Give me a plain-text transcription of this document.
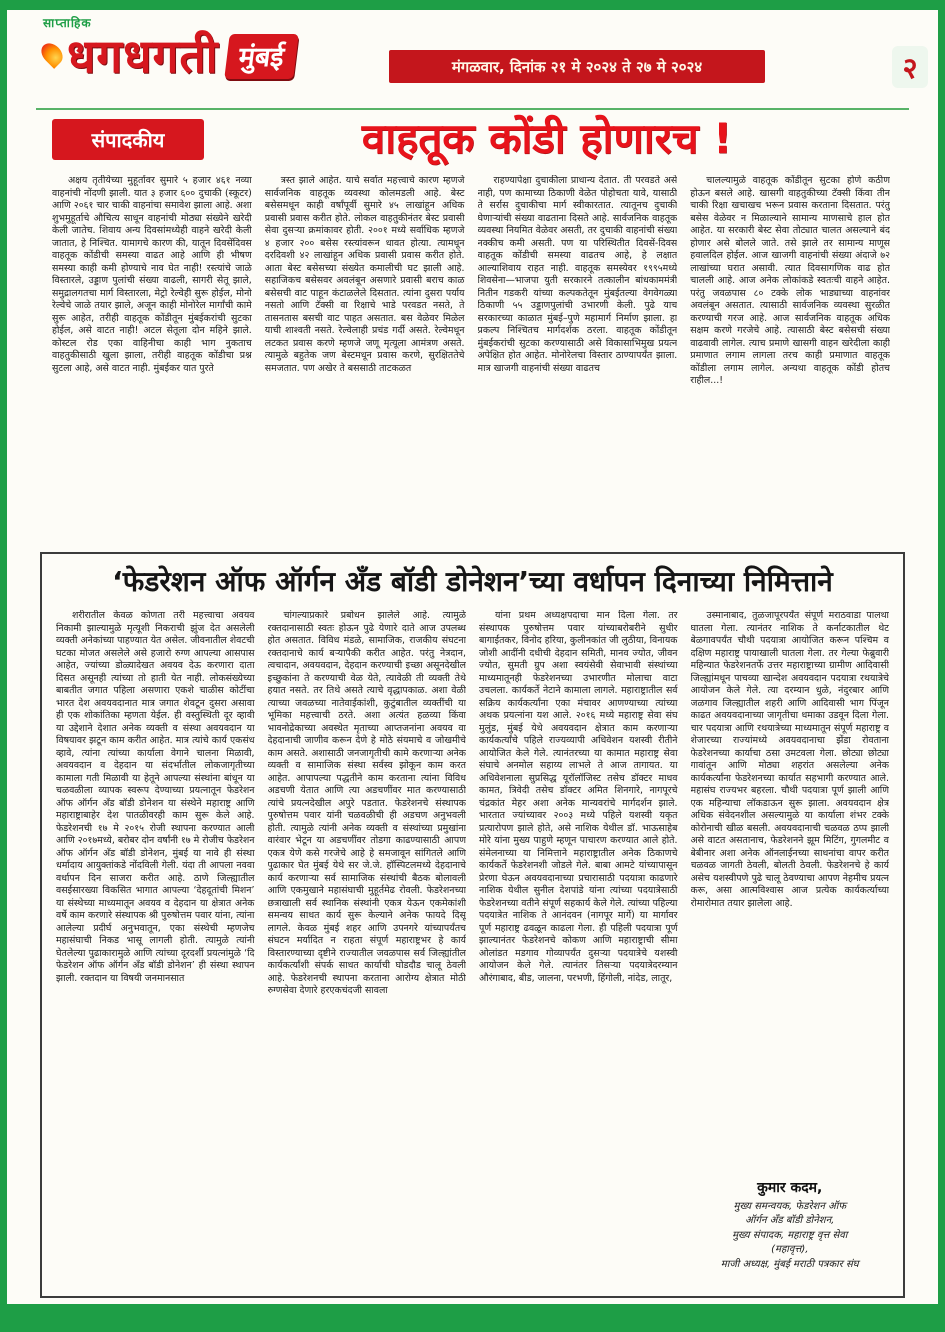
साप्ताहिक
धगधगती मुंबई	मंगळवार, दिनांक २१ मे २०२४ ते २७ मे २०२४	२
संपादकीय	वाहतूक कोंडी होणारच !

अक्षय तृतीयेच्या मुहूर्तावर सुमारे ५ हजार ४६१ नव्या वाहनांची नोंदणी झाली. यात ३ हजार ६०० दुचाकी (स्कूटर) आणि २०६१ चार चाकी वाहनांचा समावेश झाला आहे. अशा शुभमुहूर्ताचे औचित्य साधून वाहनांची मोठ्या संख्येने खरेदी केली जातेच. शिवाय अन्य दिवसांमध्येही वाहने खरेदी केली जातात, हे निश्चित. यामागचे कारण की, यातून दिवसेंदिवस वाहतूक कोंडीची समस्या वाढत आहे आणि ही भीषण समस्या काही कमी होण्याचे नाव घेत नाही! रस्त्यांचे जाळे विस्तारले, उड्डाण पुलांची संख्या वाढली, सागरी सेतू झाले, समुद्रालगतचा मार्ग विस्तारला, मेट्रो रेल्वेही सुरू होईल, मोनो रेल्वेचे जाळे तयार झाले, अजून काही मोनोरेल मार्गांची कामे सुरू आहेत, तरीही वाहतूक कोंडीतून मुंबईकरांची सुटका होईल, असे वाटत नाही! अटल सेतूला दोन महिने झाले. कोस्टल रोड एका वाहिनीचा काही भाग नुकताच वाहतुकीसाठी खुला झाला, तरीही वाहतूक कोंडीचा प्रश्न सुटला आहे, असे वाटत नाही. मुंबईकर यात पुरते

त्रस्त झाले आहेत. याचे सर्वात महत्त्वाचे कारण म्हणजे सार्वजनिक वाहतूक व्यवस्था कोलमडली आहे. बेस्ट बसेसमधून काही वर्षांपूर्वी सुमारे ४५ लाखांहून अधिक प्रवासी प्रवास करीत होते. लोकल वाहतुकीनंतर बेस्ट प्रवासी सेवा दुसऱ्या क्रमांकावर होती. २००१ मध्ये सर्वाधिक म्हणजे ४ हजार २०० बसेस रस्त्यांवरून धावत होत्या. त्यामधून दरदिवशी ४२ लाखांहून अधिक प्रवासी प्रवास करीत होते. आता बेस्ट बसेसच्या संख्येत कमालीची घट झाली आहे. सहाजिकच बसेसवर अवलंबून असणारे प्रवासी बराच काळ बसेसची वाट पाहून कंटाळलेले दिसतात. त्यांना दुसरा पर्याय नसतो आणि टॅक्सी वा रिक्षाचे भाडे परवडत नसते, ते तासनतास बसची वाट पाहत असतात. बस वेळेवर मिळेल याची शाश्वती नसते. रेल्वेलाही प्रचंड गर्दी असते. रेल्वेमधून लटकत प्रवास करणे म्हणजे जणू मृत्यूला आमंत्रण असते. त्यामुळे बहुतेक जण बेस्टमधून प्रवास करणे, सुरक्षिततेचे समजतात. पण अखेर ते बससाठी ताटकळत

राहण्यापेक्षा दुचाकीला प्राधान्य देतात. ती परवडते असे नाही, पण कामाच्या ठिकाणी वेळेत पोहोचता यावे, यासाठी ते सर्रास दुचाकीचा मार्ग स्वीकारतात. त्यातूनच दुचाकी घेणाऱ्यांची संख्या वाढताना दिसते आहे. सार्वजनिक वाहतूक व्यवस्था नियमित वेळेवर असती, तर दुचाकी वाहनांची संख्या नक्कीच कमी असती. पण या परिस्थितीत दिवसें-दिवस वाहतूक कोंडीची समस्या वाढतच आहे, हे लक्षात आल्याशिवाय राहत नाही. वाहतूक समस्येवर १९९५मध्ये शिवसेना—भाजपा युती सरकारने तत्कालीन बांधकाममंत्री नितीन गडकरी यांच्या कल्पकतेतून मुंबईतल्या वेगवेगळ्या ठिकाणी ५५ उड्डाणपुलांची उभारणी केली. पुढे याच सरकारच्या काळात मुंबई–पुणे महामार्ग निर्माण झाला. हा प्रकल्प निश्चितच मार्गदर्शक ठरला. वाहतूक कोंडीतून मुंबईकरांची सुटका करण्यासाठी असे विकासाभिमुख प्रयत्न अपेक्षित होत आहेत. मोनोरेलचा विस्तार ठाण्यापर्यंत झाला. मात्र खाजगी वाहनांची संख्या वाढतच

चालल्यामुळे वाहतूक कोंडीतून सुटका होणे कठीण होऊन बसले आहे. खासगी वाहतुकीच्या टॅक्सी किंवा तीन चाकी रिक्षा खचाखच भरून प्रवास करताना दिसतात. परंतु बसेस वेळेवर न मिळाल्याने सामान्य माणसाचे हाल होत आहेत. या सरकारी बेस्ट सेवा तोट्यात चालत असल्याने बंद होणार असे बोलले जाते. तसे झाले तर सामान्य माणूस हवालदिल होईल. आज खाजगी वाहनांची संख्या अंदाजे ७२ लाखांच्या घरात असावी. त्यात दिवसागणिक वाढ होत चालली आहे. आज अनेक लोकांकडे स्वतःची वाहने आहेत. परंतु जवळपास ८० टक्के लोक भाड्याच्या वाहनांवर अवलंबून असतात. त्यासाठी सार्वजनिक व्यवस्था सुरळीत करण्याची गरज आहे. आज सार्वजनिक वाहतूक अधिक सक्षम करणे गरजेचे आहे. त्यासाठी बेस्ट बसेसची संख्या वाढवावी लागेल. त्याच प्रमाणे खासगी वाहन खरेदीला काही प्रमाणात लगाम लागला तरच काही प्रमाणात वाहतूक कोंडीला लगाम लागेल. अन्यथा वाहतूक कोंडी होतच राहील...!

‘फेडरेशन ऑफ ऑर्गन अँड बॉडी डोनेशन’च्या वर्धापन दिनाच्या निमित्ताने

शरीरातील केवळ कोणता तरी महत्त्वाचा अवयव निकामी झाल्यामुळे मृत्यूशी निकराची झुंज देत असलेली व्यक्ती अनेकांच्या पाहण्यात येत असेल. जीवनातील शेवटची घटका मोजत असलेले असे हजारो रुग्ण आपल्या आसपास आहेत, ज्यांच्या डोळ्यादेखत अवयव देऊ करणारा दाता दिसत असूनही त्यांच्या तो हाती येत नाही. लोकसंख्येच्या बाबतीत जगात पहिला असणारा एकशे चाळीस कोटींचा भारत देश अवयवदानात मात्र जगात शेवटून दुसरा असावा ही एक शोकांतिका म्हणता येईल. ही वस्तुस्थिती दूर व्हावी या उद्देशाने देशात अनेक व्यक्ती व संस्था अवयवदान या विषयावर झटून काम करीत आहेत. मात्र त्यांचे कार्य एकसंध व्हावे, त्यांना त्यांच्या कार्याला वेगाने चालना मिळावी, अवयवदान व देहदान या संदर्भातील लोकजागृतीच्या कामाला गती मिळावी या हेतूने आपल्या संस्थांना बांधून या चळवळीला व्यापक स्वरूप देण्याच्या प्रयत्नातून फेडरेशन ऑफ ऑर्गन अँड बॉडी डोनेशन या संस्थेने महाराष्ट्र आणि महाराष्ट्राबाहेर देश पातळीवरही काम सुरू केले आहे. फेडरेशनची १७ मे २०१५ रोजी स्थापना करण्यात आली आणि २०१७मध्ये, बरोबर दोन वर्षांनी १७ मे रोजीच फेडरेशन ऑफ ऑर्गन अँड बॉडी डोनेशन, मुंबई या नावे ही संस्था धर्मादाय आयुक्तांकडे नोंदविली गेली. यंदा ती आपला नववा वर्धापन दिन साजरा करीत आहे. ठाणे जिल्ह्यातील वसईसारख्या विकसित भागात आपल्या ‘देहदूतांची मिशन’ या संस्थेच्या माध्यमातून अवयव व देहदान या क्षेत्रात अनेक वर्षे काम करणारे संस्थापक श्री पुरुषोत्तम पवार यांना, त्यांना आलेल्या प्रदीर्घ अनुभवातून, एका संस्थेची म्हणजेच महासंघाची निकड भासू लागली होती. त्यामुळे त्यांनी घेतलेल्या पुढाकारामुळे आणि त्यांच्या दूरदर्शी प्रयत्नांमुळे ‘दि फेडरेशन ऑफ ऑर्गन अँड बॉडी डोनेशन’ ही संस्था स्थापन झाली. रक्तदान या विषयी जनमानसात

चांगल्याप्रकारे प्रबोधन झालेले आहे. त्यामुळे रक्तदानासाठी स्वतः होऊन पुढे येणारे दाते आज उपलब्ध होत असतात. विविध मंडळे, सामाजिक, राजकीय संघटना रक्तदानाचे कार्य बऱ्यापैकी करीत आहेत. परंतु नेत्रदान, त्वचादान, अवयवदान, देहदान करण्याची इच्छा असूनदेखील इच्छुकांना ते करण्याची वेळ येते, त्यावेळी ती व्यक्ती तेथे हयात नसते. तर तिथे असते त्याचे वृद्धापकाळ. अशा वेळी त्याच्या जवळच्या नातेवाईकांशी, कुटुंबातील व्यक्तींची या भूमिका महत्त्वाची ठरते. अशा अत्यंत हळव्या किंवा भावनोद्रेकाच्या अवस्थेत मृताच्या आप्तजनांना अवयव वा देहदानाची जाणीव करून देणे हे मोठे संयमाचे व जोखमीचे काम असते. अशासाठी जनजागृतीची कामे करणाऱ्या अनेक व्यक्ती व सामाजिक संस्था सर्वस्व झोकून काम करत आहेत. आपापल्या पद्धतीने काम करताना त्यांना विविध अडचणी येतात आणि त्या अडचणींवर मात करण्यासाठी त्यांचे प्रयत्नदेखील अपुरे पडतात. फेडरेशनचे संस्थापक पुरुषोत्तम पवार यांनी चळवळीची ही अडचण अनुभवली होती. त्यामुळे त्यांनी अनेक व्यक्ती व संस्थांच्या प्रमुखांना वारंवार भेटून या अडचणींवर तोडगा काढण्यासाठी आपण एकत्र येणे कसे गरजेचे आहे हे समजावून सांगितले आणि पुढाकार घेत मुंबई येथे सर जे.जे. हॉस्पिटलमध्ये देहदानाचे कार्य करणाऱ्या सर्व सामाजिक संस्थांची बैठक बोलावली आणि एकमुखाने महासंघाची मुहूर्तमेढ रोवली. फेडरेशनच्या छत्राखाली सर्व स्थानिक संस्थांनी एकत्र येऊन एकमेकांशी समन्वय साधत कार्य सुरू केल्याने अनेक फायदे दिसू लागले. केवळ मुंबई शहर आणि उपनगरे यांच्यापर्यंतच संघटन मर्यादित न राहता संपूर्ण महाराष्ट्रभर हे कार्य विस्तारण्याच्या दृष्टीने राज्यातील जवळपास सर्व जिल्ह्यांतील कार्यकर्त्यांशी संपर्क साधत कार्याची घोडदौड चालू ठेवली आहे. फेडरेशनची स्थापना करताना आरोग्य क्षेत्रात मोठी रुग्णसेवा देणारे हरएकचंदजी सावला

यांना प्रथम अध्यक्षपदाचा मान दिला गेला. तर संस्थापक पुरुषोत्तम पवार यांच्याबरोबरीने सुधीर बागाईतकर, विनोद हरिया, कुलीनकांत जी लुठीया, विनायक जोशी आदींनी दधीची देहदान समिती, मानव ज्योत, जीवन ज्योत, सुमती ग्रुप अशा स्वयंसेवी सेवाभावी संस्थांच्या माध्यमातूनही फेडरेशनच्या उभारणीत मोलाचा वाटा उचलला. कार्यकर्ते नेटाने कामाला लागले. महाराष्ट्रातील सर्व सक्रिय कार्यकर्त्यांना एका मंचावर आणण्याच्या त्यांच्या अथक प्रयत्नांना यश आले. २०१६ मध्ये महाराष्ट्र सेवा संघ मुलुंड, मुंबई येथे अवयवदान क्षेत्रात काम करणाऱ्या कार्यकर्त्यांचे पहिले राज्यव्यापी अधिवेशन यशस्वी रीतीने आयोजित केले गेले. त्यानंतरच्या या कामात महाराष्ट्र सेवा संघाचे अनमोल सहाय्य लाभले ते आज तागायत. या अधिवेशनाला सुप्रसिद्ध यूरॉलॉजिस्ट तसेच डॉक्टर माधव कामत, त्रिवेदी तसेच डॉक्टर अमित शिनगारे, नागपूरचे चंद्रकांत मेहर अशा अनेक मान्यवरांचे मार्गदर्शन झाले. भारतात ज्यांच्यावर २००३ मध्ये पहिले यशस्वी यकृत प्रत्यारोपण झाले होते, असे नाशिक येथील डॉ. भाऊसाहेब मोरे यांना मुख्य पाहुणे म्हणून पाचारण करण्यात आले होते. संमेलनाच्या या निमित्ताने महाराष्ट्रातील अनेक ठिकाणचे कार्यकर्ते फेडरेशनशी जोडले गेले. बाबा आमटे यांच्यापासून प्रेरणा घेऊन अवयवदानाच्या प्रचारासाठी पदयात्रा काढणारे नाशिक येथील सुनील देशपांडे यांना त्यांच्या पदयात्रेसाठी फेडरेशनच्या वतीने संपूर्ण सहकार्य केले गेले. त्यांच्या पहिल्या पदयात्रेत नाशिक ते आनंदवन (नागपूर मार्गे) या मार्गावर पूर्ण महाराष्ट्र ढवळून काढला गेला. ही पहिली पदयात्रा पूर्ण झाल्यानंतर फेडरेशनचे कोकण आणि महाराष्ट्राची सीमा ओलांडत मडगाव गोव्यापर्यंत दुसऱ्या पदयात्रेचे यशस्वी आयोजन केले गेले. त्यानंतर तिसऱ्या पदयात्रेदरम्यान औरंगाबाद, बीड, जालना, परभणी, हिंगोली, नांदेड, लातूर,

उस्मानाबाद, तुळजापूरपर्यंत संपूर्ण मराठवाडा पालथा घातला गेला. त्यानंतर नाशिक ते कर्नाटकातील थेट बेळगावपर्यंत चौथी पदयात्रा आयोजित करून पश्चिम व दक्षिण महाराष्ट्र पायाखाली घातला गेला. तर गेल्या फेब्रुवारी महिन्यात फेडरेशनतर्फे उत्तर महाराष्ट्राच्या ग्रामीण आदिवासी जिल्ह्यांमधून पाचव्या खान्देश अवयवदान पदयात्रा रथयात्रेचे आयोजन केले गेले. त्या दरम्यान धुळे, नंदुरबार आणि जळगाव जिल्ह्यातील शहरी आणि आदिवासी भाग पिंजून काढत अवयवदानाच्या जागृतीचा धमाका उडवून दिला गेला. चार पदयात्रा आणि रथयात्रेच्या माध्यमातून संपूर्ण महाराष्ट्र व शेजारच्या राज्यांमध्ये अवयवदानाचा झेंडा रोवताना फेडरेशनच्या कार्याचा ठसा उमटवला गेला. छोट्या छोट्या गावांतून आणि मोठ्या शहरांत असलेल्या अनेक कार्यकर्त्यांना फेडरेशनच्या कार्यात सहभागी करण्यात आले. महासंघ राज्यभर बहरला. चौथी पदयात्रा पूर्ण झाली आणि एक महिन्याचा लॉकडाऊन सुरू झाला. अवयवदान क्षेत्र अधिक संवेदनशील असल्यामुळे या कार्याला शंभर टक्के कोरोनाची खीळ बसली. अवयवदानाची चळवळ ठप्प झाली असे वाटत असतानाच, फेडरेशनने झूम मिटिंग, गुगलमीट व बेबीनार अशा अनेक ऑनलाईनच्या साधनांचा वापर करीत चळवळ जागती ठेवली, बोलती ठेवली. फेडरेशनचे हे कार्य असेच यशस्वीपणे पुढे चालू ठेवण्याचा आपण नेहमीच प्रयत्न करू, असा आत्मविश्वास आज प्रत्येक कार्यकर्त्याच्या रोमारोमात तयार झालेला आहे.

कुमार कदम,
मुख्य समन्वयक, फेडरेशन ऑफ
ऑर्गन अँड बॉडी डोनेशन,
मुख्य संपादक, महाराष्ट्र वृत्त सेवा
(महावृत्त),
माजी अध्यक्ष, मुंबई मराठी पत्रकार संघ
